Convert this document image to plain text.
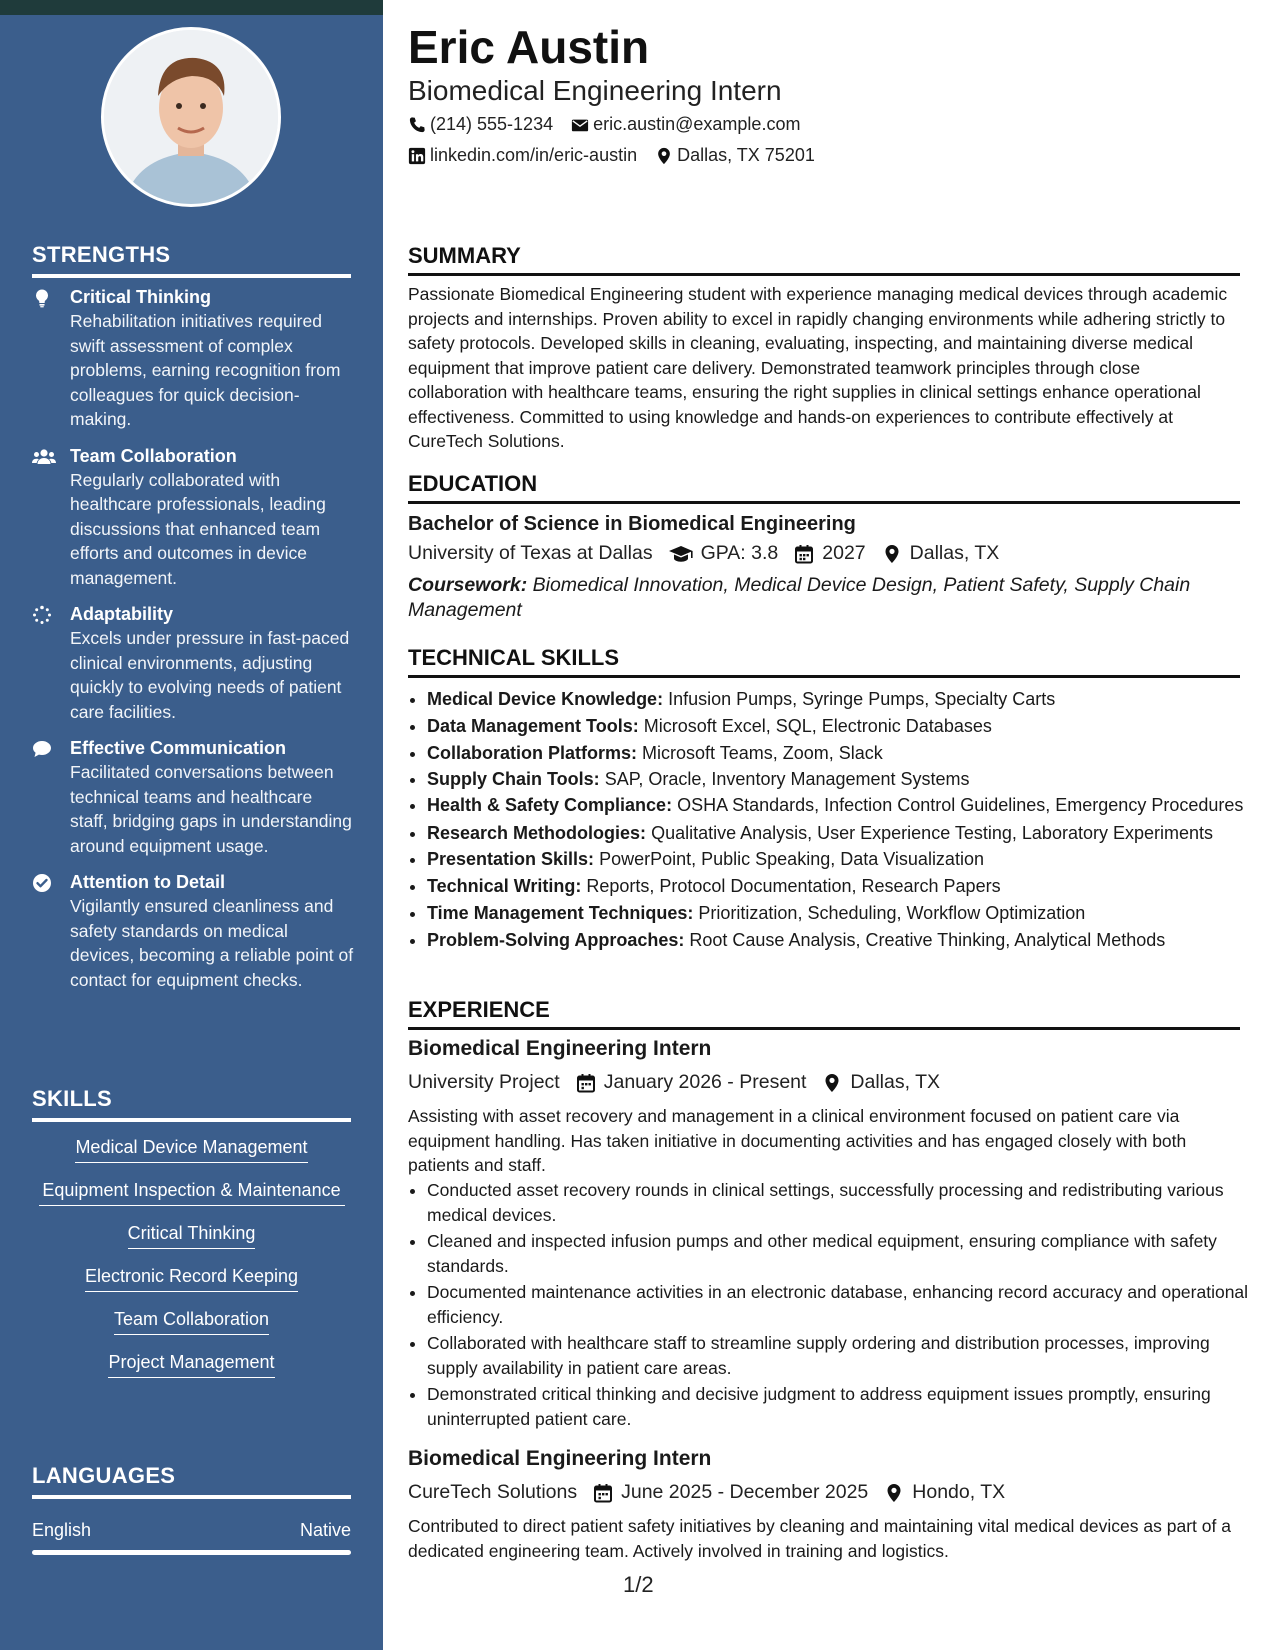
STRENGTHS
Critical Thinking
Rehabilitation initiatives required swift assessment of complex problems, earning recognition from colleagues for quick decision-making.
Team Collaboration
Regularly collaborated with healthcare professionals, leading discussions that enhanced team efforts and outcomes in device management.
Adaptability
Excels under pressure in fast-paced clinical environments, adjusting quickly to evolving needs of patient care facilities.
Effective Communication
Facilitated conversations between technical teams and healthcare staff, bridging gaps in understanding around equipment usage.
Attention to Detail
Vigilantly ensured cleanliness and safety standards on medical devices, becoming a reliable point of contact for equipment checks.
SKILLS
Medical Device Management
Equipment Inspection & Maintenance
Critical Thinking
Electronic Record Keeping
Team Collaboration
Project Management
LANGUAGES
English	Native
Eric Austin
Biomedical Engineering Intern
(214) 555-1234 eric.austin@example.com
linkedin.com/in/eric-austin Dallas, TX 75201
SUMMARY
Passionate Biomedical Engineering student with experience managing medical devices through academic projects and internships. Proven ability to excel in rapidly changing environments while adhering strictly to safety protocols. Developed skills in cleaning, evaluating, inspecting, and maintaining diverse medical equipment that improve patient care delivery. Demonstrated teamwork principles through close collaboration with healthcare teams, ensuring the right supplies in clinical settings enhance operational effectiveness. Committed to using knowledge and hands-on experiences to contribute effectively at CureTech Solutions.
EDUCATION
Bachelor of Science in Biomedical Engineering
University of Texas at Dallas GPA: 3.8 2027 Dallas, TX
Coursework: Biomedical Innovation, Medical Device Design, Patient Safety, Supply Chain Management
TECHNICAL SKILLS
• Medical Device Knowledge: Infusion Pumps, Syringe Pumps, Specialty Carts
• Data Management Tools: Microsoft Excel, SQL, Electronic Databases
• Collaboration Platforms: Microsoft Teams, Zoom, Slack
• Supply Chain Tools: SAP, Oracle, Inventory Management Systems
• Health & Safety Compliance: OSHA Standards, Infection Control Guidelines, Emergency Procedures
• Research Methodologies: Qualitative Analysis, User Experience Testing, Laboratory Experiments
• Presentation Skills: PowerPoint, Public Speaking, Data Visualization
• Technical Writing: Reports, Protocol Documentation, Research Papers
• Time Management Techniques: Prioritization, Scheduling, Workflow Optimization
• Problem-Solving Approaches: Root Cause Analysis, Creative Thinking, Analytical Methods
EXPERIENCE
Biomedical Engineering Intern
University Project January 2026 - Present Dallas, TX
Assisting with asset recovery and management in a clinical environment focused on patient care via equipment handling. Has taken initiative in documenting activities and has engaged closely with both patients and staff.
• Conducted asset recovery rounds in clinical settings, successfully processing and redistributing various medical devices.
• Cleaned and inspected infusion pumps and other medical equipment, ensuring compliance with safety standards.
• Documented maintenance activities in an electronic database, enhancing record accuracy and operational efficiency.
• Collaborated with healthcare staff to streamline supply ordering and distribution processes, improving supply availability in patient care areas.
• Demonstrated critical thinking and decisive judgment to address equipment issues promptly, ensuring uninterrupted patient care.
Biomedical Engineering Intern
CureTech Solutions June 2025 - December 2025 Hondo, TX
Contributed to direct patient safety initiatives by cleaning and maintaining vital medical devices as part of a dedicated engineering team. Actively involved in training and logistics.
1/2
